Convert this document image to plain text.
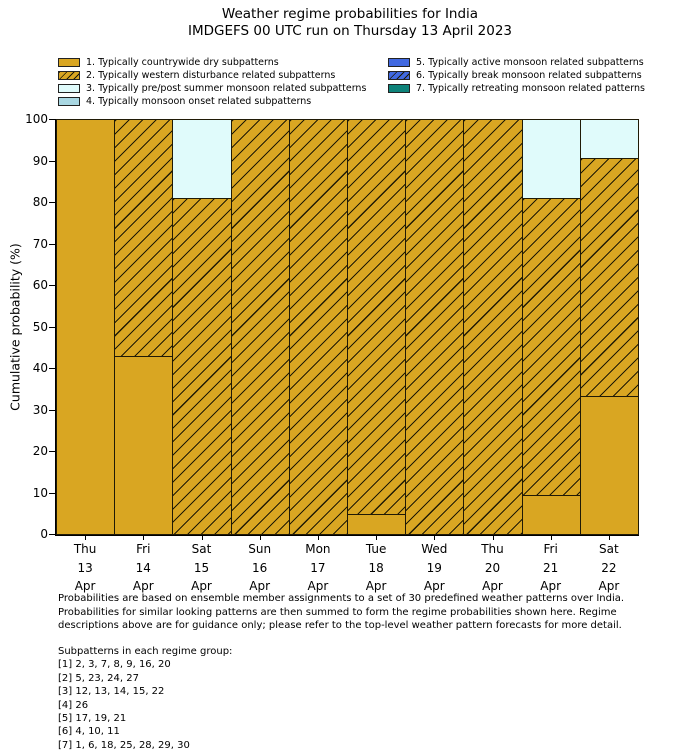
Weather regime probabilities for India
IMDGEFS 00 UTC run on Thursday 13 April 2023
1. Typically countrywide dry subpatterns
2. Typically western disturbance related subpatterns
3. Typically pre/post summer monsoon related subpatterns
4. Typically monsoon onset related subpatterns
5. Typically active monsoon related subpatterns
6. Typically break monsoon related subpatterns
7. Typically retreating monsoon related patterns
Cumulative probability (%)
0
10
20
30
40
50
60
70
80
90
100
Thu
13
Apr
Fri
14
Apr
Sat
15
Apr
Sun
16
Apr
Mon
17
Apr
Tue
18
Apr
Wed
19
Apr
Thu
20
Apr
Fri
21
Apr
Sat
22
Apr
Probabilities are based on ensemble member assignments to a set of 30 predefined weather patterns over India.
Probabilities for similar looking patterns are then summed to form the regime probabilities shown here. Regime
descriptions above are for guidance only; please refer to the top-level weather pattern forecasts for more detail.
Subpatterns in each regime group:
[1] 2, 3, 7, 8, 9, 16, 20
[2] 5, 23, 24, 27
[3] 12, 13, 14, 15, 22
[4] 26
[5] 17, 19, 21
[6] 4, 10, 11
[7] 1, 6, 18, 25, 28, 29, 30
